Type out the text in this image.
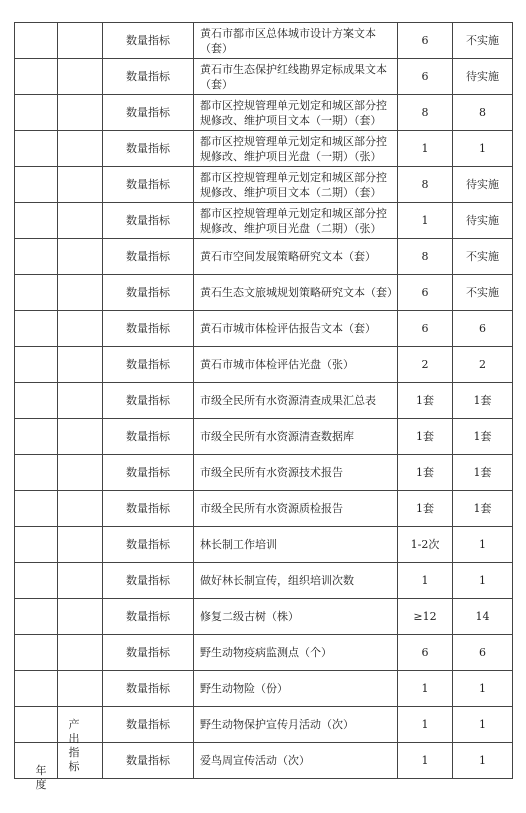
		数量指标	黄石市都市区总体城市设计方案文本（套）	6	不实施
		数量指标	黄石市生态保护红线勘界定标成果文本（套）	6	待实施
		数量指标	都市区控规管理单元划定和城区部分控规修改、维护项目文本（一期）（套）	8	8
		数量指标	都市区控规管理单元划定和城区部分控规修改、维护项目光盘（一期）（张）	1	1
		数量指标	都市区控规管理单元划定和城区部分控规修改、维护项目文本（二期）（套）	8	待实施
		数量指标	都市区控规管理单元划定和城区部分控规修改、维护项目光盘（二期）（张）	1	待实施
		数量指标	黄石市空间发展策略研究文本（套）	8	不实施
		数量指标	黄石生态文旅城规划策略研究文本（套）	6	不实施
		数量指标	黄石市城市体检评估报告文本（套）	6	6
		数量指标	黄石市城市体检评估光盘（张）	2	2
		数量指标	市级全民所有水资源清查成果汇总表	1套	1套
		数量指标	市级全民所有水资源清查数据库	1套	1套
		数量指标	市级全民所有水资源技术报告	1套	1套
		数量指标	市级全民所有水资源质检报告	1套	1套
		数量指标	林长制工作培训	1-2次	1
		数量指标	做好林长制宣传，组织培训次数	1	1
		数量指标	修复二级古树（株）	≥12	14
		数量指标	野生动物疫病监测点（个）	6	6
		数量指标	野生动物险（份）	1	1
		数量指标	野生动物保护宣传月活动（次）	1	1
		数量指标	爱鸟周宣传活动（次）	1	1
年度
产出指标
